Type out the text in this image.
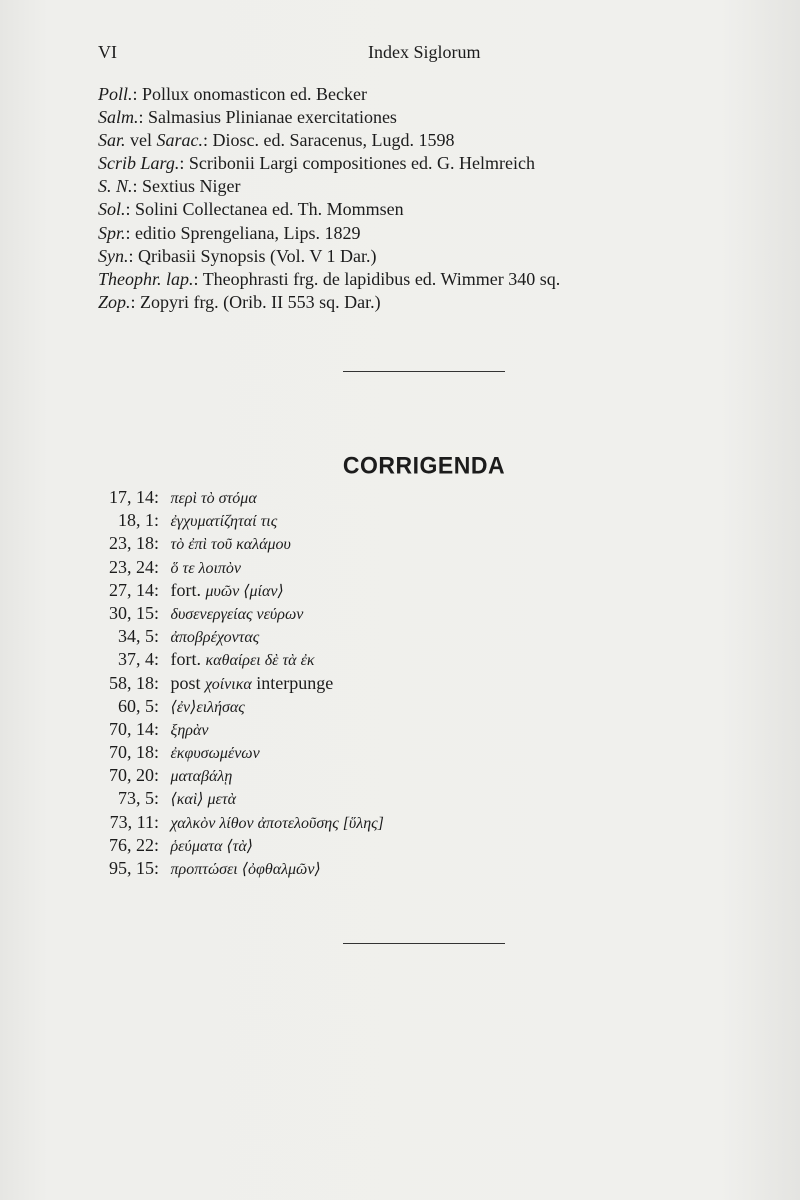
VI	Index Siglorum
Poll.: Pollux onomasticon ed. Becker
Salm.: Salmasius Plinianae exercitationes
Sar. vel Sarac.: Diosc. ed. Saracenus, Lugd. 1598
Scrib Larg.: Scribonii Largi compositiones ed. G. Helmreich
S. N.: Sextius Niger
Sol.: Solini Collectanea ed. Th. Mommsen
Spr.: editio Sprengeliana, Lips. 1829
Syn.: Qribasii Synopsis (Vol. V 1 Dar.)
Theophr. lap.: Theophrasti frg. de lapidibus ed. Wimmer 340 sq.
Zop.: Zopyri frg. (Orib. II 553 sq. Dar.)
CORRIGENDA
17, 14: περὶ τὸ στόμα
18, 1: ἐγχυματίζηταί τις
23, 18: τὸ ἐπὶ τοῦ καλάμου
23, 24: ὅ τε λοιπὸν
27, 14: fort. μυῶν ⟨μίαν⟩
30, 15: δυσενεργείας νεύρων
34, 5: ἀποβρέχοντας
37, 4: fort. καθαίρει δὲ τὰ ἐκ
58, 18: post χοίνικα interpunge
60, 5: ⟨ἐν⟩ειλήσας
70, 14: ξηρὰν
70, 18: ἐκφυσωμένων
70, 20: ματαβάλῃ
73, 5: ⟨καὶ⟩ μετὰ
73, 11: χαλκὸν λίθον ἀποτελοῦσης [ὕλης]
76, 22: ῥεύματα ⟨τὰ⟩
95, 15: προπτώσει ⟨ὀφθαλμῶν⟩
